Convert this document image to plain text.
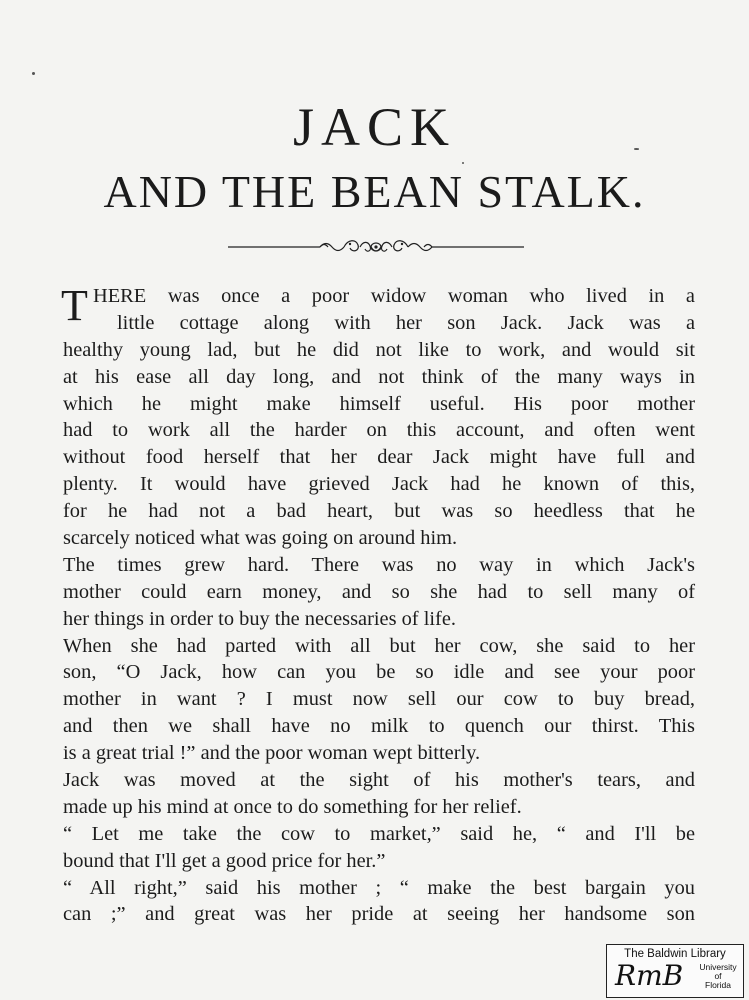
JACK
AND THE BEAN STALK.
T HERE was once a poor widow woman who lived in a
little cottage along with her son Jack. Jack was a
healthy young lad, but he did not like to work, and would sit
at his ease all day long, and not think of the many ways in
which he might make himself useful. His poor mother
had to work all the harder on this account, and often went
without food herself that her dear Jack might have full and
plenty. It would have grieved Jack had he known of this,
for he had not a bad heart, but was so heedless that he
scarcely noticed what was going on around him.
The times grew hard. There was no way in which Jack's
mother could earn money, and so she had to sell many of
her things in order to buy the necessaries of life.
When she had parted with all but her cow, she said to her
son, “O Jack, how can you be so idle and see your poor
mother in want ? I must now sell our cow to buy bread,
and then we shall have no milk to quench our thirst. This
is a great trial !” and the poor woman wept bitterly.
Jack was moved at the sight of his mother's tears, and
made up his mind at once to do something for her relief.
“ Let me take the cow to market,” said he, “ and I'll be
bound that I'll get a good price for her.”
“ All right,” said his mother ; “ make the best bargain you
can ;” and great was her pride at seeing her handsome son
The Baldwin Library
RmB University
of
Florida
